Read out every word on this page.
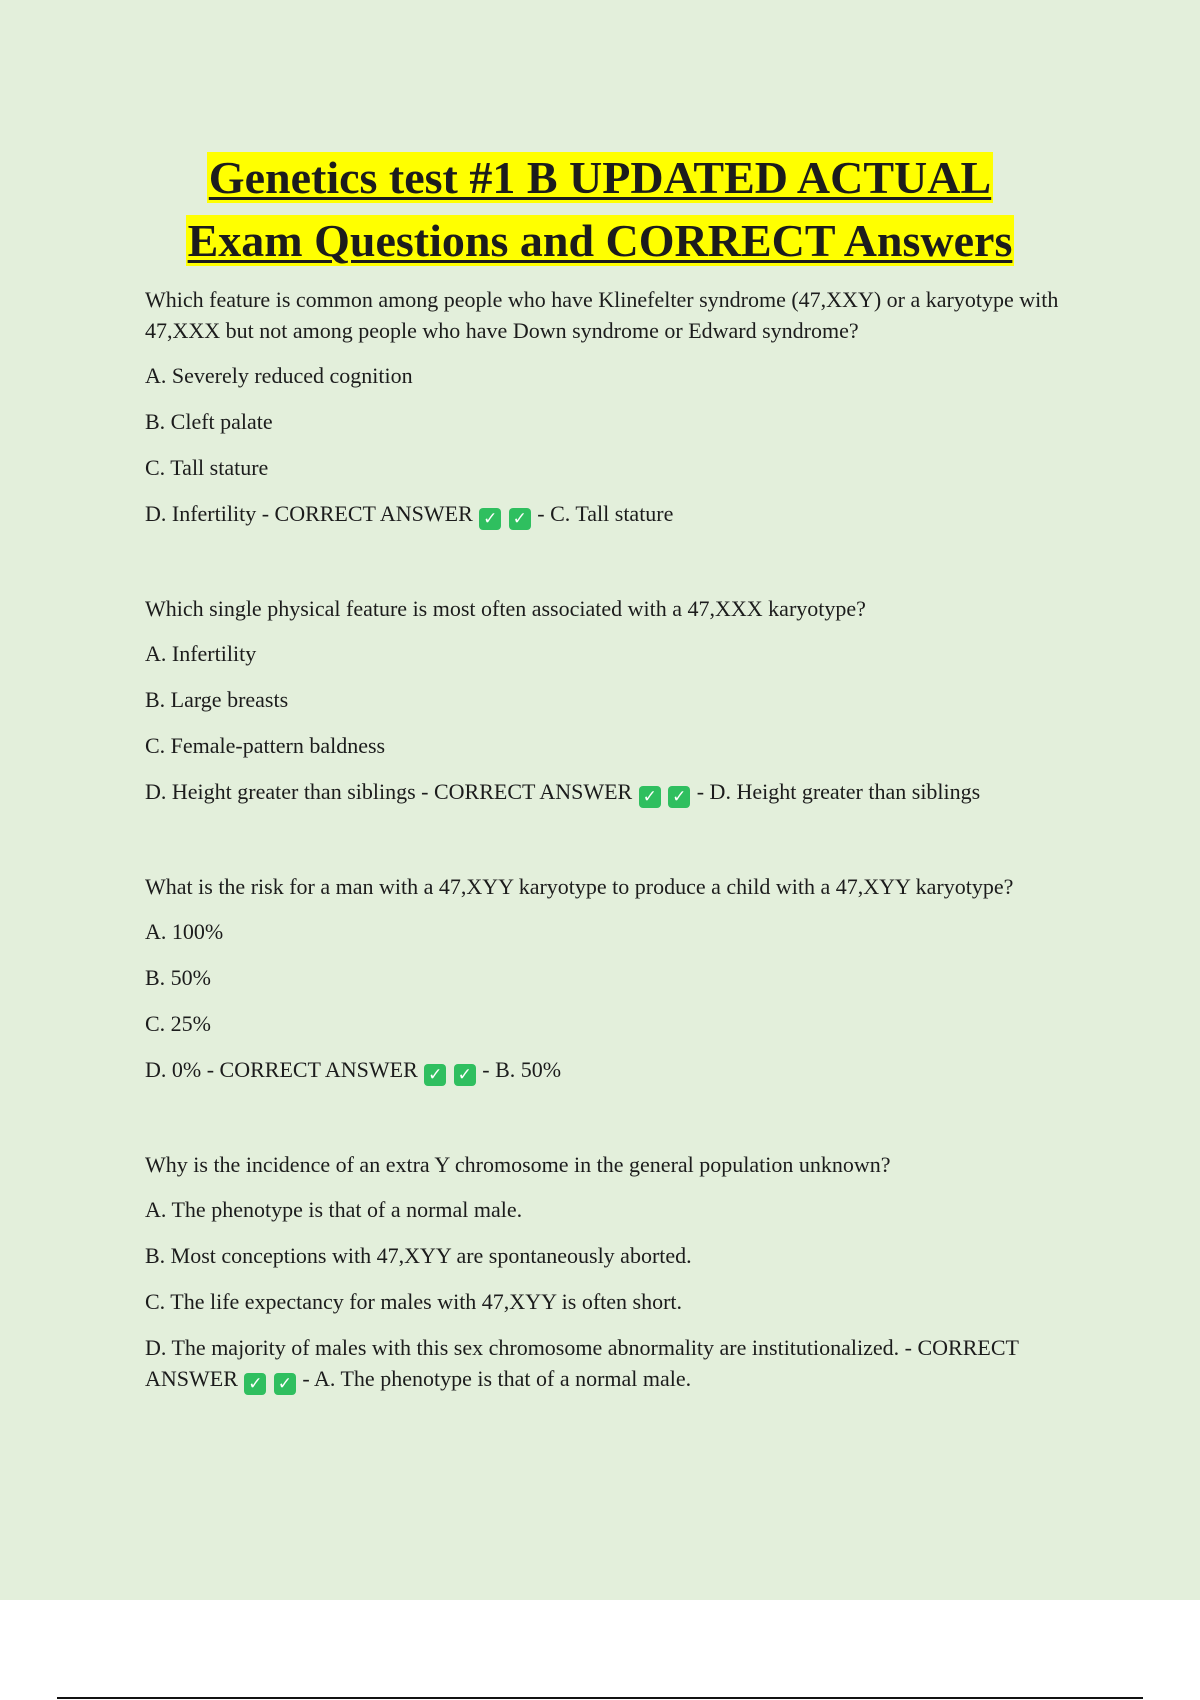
Genetics test #1 B UPDATED ACTUAL
Exam Questions and CORRECT Answers

Which feature is common among people who have Klinefelter syndrome (47,XXY) or a karyotype with 47,XXX but not among people who have Down syndrome or Edward syndrome?

A. Severely reduced cognition

B. Cleft palate

C. Tall stature

D. Infertility - CORRECT ANSWER ✓ ✓ - C. Tall stature

Which single physical feature is most often associated with a 47,XXX karyotype?

A. Infertility

B. Large breasts

C. Female-pattern baldness

D. Height greater than siblings - CORRECT ANSWER ✓ ✓ - D. Height greater than siblings

What is the risk for a man with a 47,XYY karyotype to produce a child with a 47,XYY karyotype?

A. 100%

B. 50%

C. 25%

D. 0% - CORRECT ANSWER ✓ ✓ - B. 50%

Why is the incidence of an extra Y chromosome in the general population unknown?

A. The phenotype is that of a normal male.

B. Most conceptions with 47,XYY are spontaneously aborted.

C. The life expectancy for males with 47,XYY is often short.

D. The majority of males with this sex chromosome abnormality are institutionalized. - CORRECT ANSWER ✓ ✓ - A. The phenotype is that of a normal male.
